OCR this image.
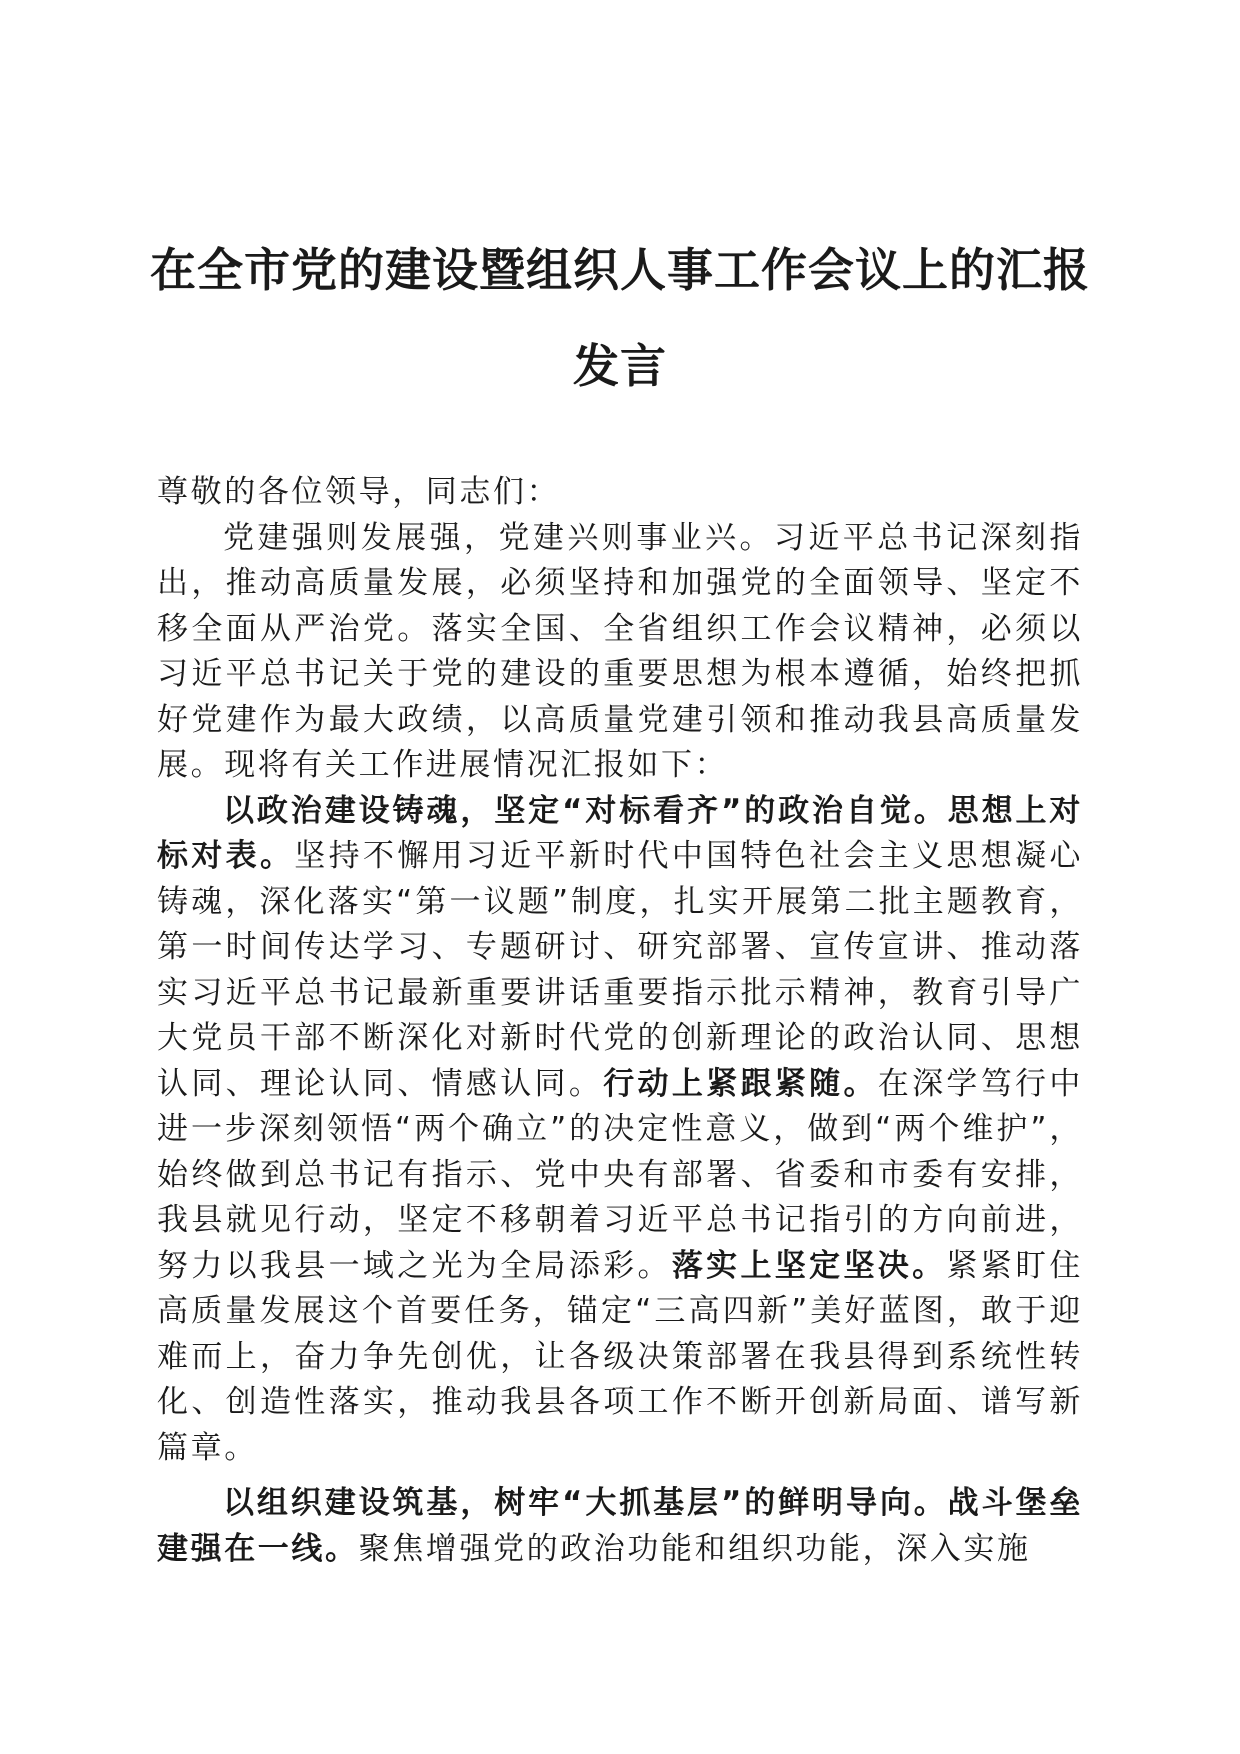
在全市党的建设暨组织人事工作会议上的汇报
发言

尊敬的各位领导，同志们：

党建强则发展强，党建兴则事业兴。习近平总书记深刻指出，推动高质量发展，必须坚持和加强党的全面领导、坚定不移全面从严治党。落实全国、全省组织工作会议精神，必须以习近平总书记关于党的建设的重要思想为根本遵循，始终把抓好党建作为最大政绩，以高质量党建引领和推动我县高质量发展。现将有关工作进展情况汇报如下：

以政治建设铸魂，坚定“对标看齐”的政治自觉。思想上对标对表。坚持不懈用习近平新时代中国特色社会主义思想凝心铸魂，深化落实“第一议题”制度，扎实开展第二批主题教育，第一时间传达学习、专题研讨、研究部署、宣传宣讲、推动落实习近平总书记最新重要讲话重要指示批示精神，教育引导广大党员干部不断深化对新时代党的创新理论的政治认同、思想认同、理论认同、情感认同。行动上紧跟紧随。在深学笃行中进一步深刻领悟“两个确立”的决定性意义，做到“两个维护”，始终做到总书记有指示、党中央有部署、省委和市委有安排，我县就见行动，坚定不移朝着习近平总书记指引的方向前进，努力以我县一域之光为全局添彩。落实上坚定坚决。紧紧盯住高质量发展这个首要任务，锚定“三高四新”美好蓝图，敢于迎难而上，奋力争先创优，让各级决策部署在我县得到系统性转化、创造性落实，推动我县各项工作不断开创新局面、谱写新篇章。

以组织建设筑基，树牢“大抓基层”的鲜明导向。战斗堡垒建强在一线。聚焦增强党的政治功能和组织功能，深入实施
